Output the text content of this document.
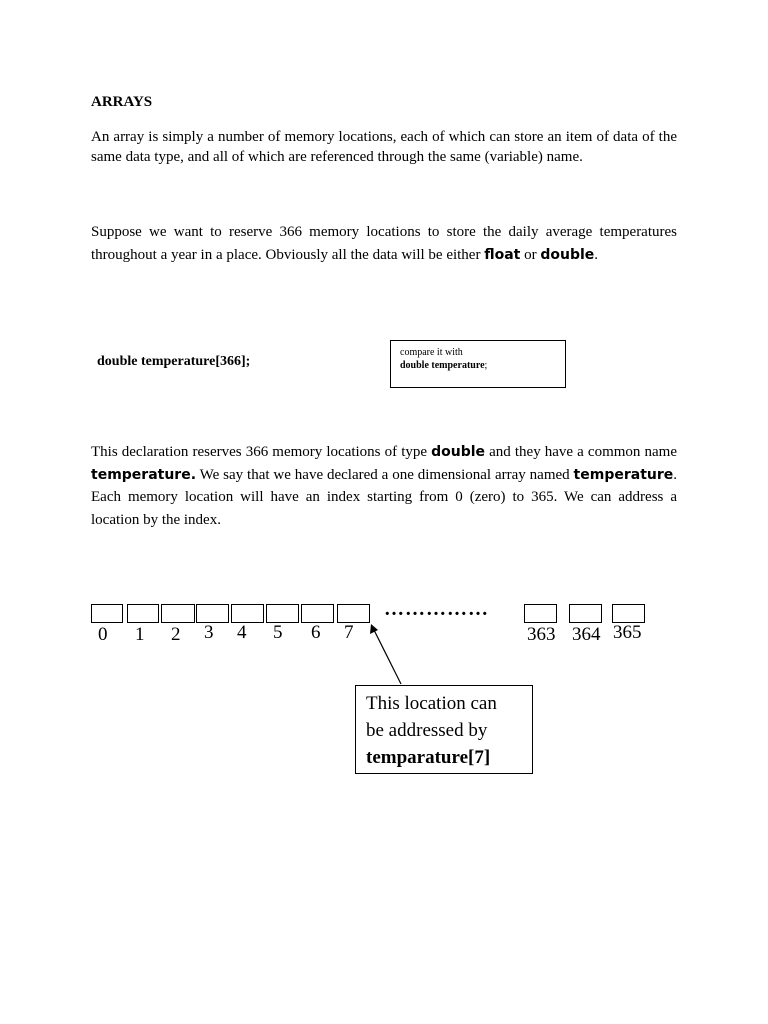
ARRAYS
An array is simply a number of memory locations, each of which can store an item of data of the same data type, and all of which are referenced through the same (variable) name.
Suppose we want to reserve 366 memory locations to store the daily average temperatures throughout a year in a place. Obviously all the data will be either float or double.
double temperature[366];
compare it with
double temperature;
This declaration reserves 366 memory locations of type double and they have a common name temperature. We say that we have declared a one dimensional array named temperature. Each memory location will have an index starting from 0 (zero) to 365. We can address a location by the index.
……………
0 1 2 3 4 5 6 7	363 364 365
This location can
be addressed by
temparature[7]
